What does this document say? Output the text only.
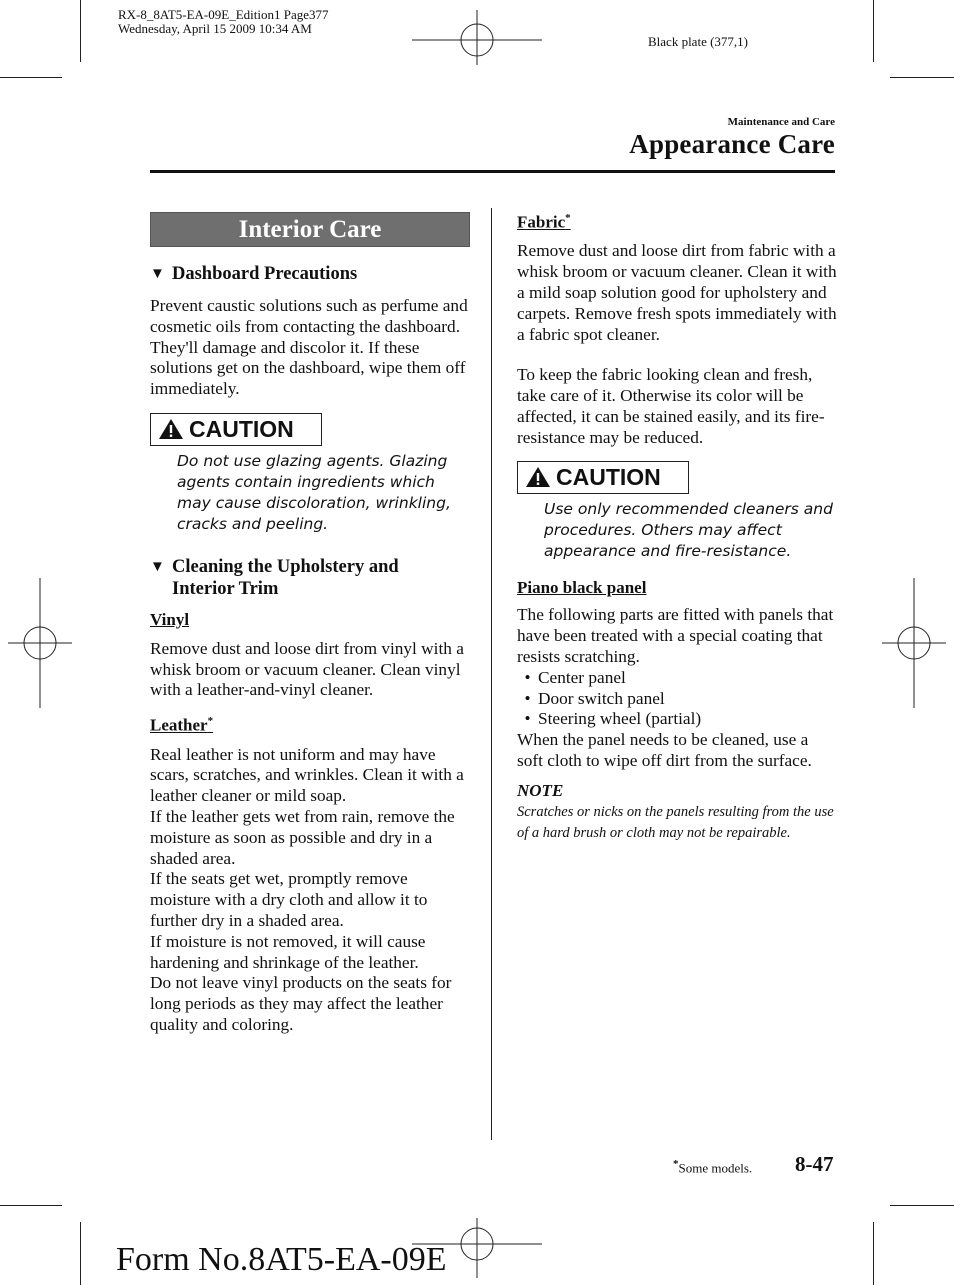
RX-8_8AT5-EA-09E_Edition1 Page377
Wednesday, April 15 2009 10:34 AM
Black plate (377,1)
Maintenance and Care
Appearance Care
Interior Care
▼ Dashboard Precautions

Prevent caustic solutions such as perfume and cosmetic oils from contacting the dashboard. They'll damage and discolor it. If these solutions get on the dashboard, wipe them off immediately.

CAUTION
Do not use glazing agents. Glazing agents contain ingredients which may cause discoloration, wrinkling, cracks and peeling.
▼ Cleaning the Upholstery and
Interior Trim
Vinyl

Remove dust and loose dirt from vinyl with a whisk broom or vacuum cleaner. Clean vinyl with a leather-and-vinyl cleaner.

Leather*

Real leather is not uniform and may have scars, scratches, and wrinkles. Clean it with a leather cleaner or mild soap.

If the leather gets wet from rain, remove the moisture as soon as possible and dry in a shaded area.

If the seats get wet, promptly remove moisture with a dry cloth and allow it to further dry in a shaded area.

If moisture is not removed, it will cause hardening and shrinkage of the leather.

Do not leave vinyl products on the seats for long periods as they may affect the leather quality and coloring.

Fabric*

Remove dust and loose dirt from fabric with a whisk broom or vacuum cleaner. Clean it with a mild soap solution good for upholstery and carpets. Remove fresh spots immediately with a fabric spot cleaner.

To keep the fabric looking clean and fresh, take care of it. Otherwise its color will be affected, it can be stained easily, and its fire-resistance may be reduced.

CAUTION
Use only recommended cleaners and procedures. Others may affect appearance and fire-resistance.
Piano black panel

The following parts are fitted with panels that have been treated with a special coating that resists scratching.

• Center panel
• Door switch panel
• Steering wheel (partial)

When the panel needs to be cleaned, use a soft cloth to wipe off dirt from the surface.

NOTE
Scratches or nicks on the panels resulting from the use of a hard brush or cloth may not be repairable.
*Some models. 8-47
Form No.8AT5-EA-09E
